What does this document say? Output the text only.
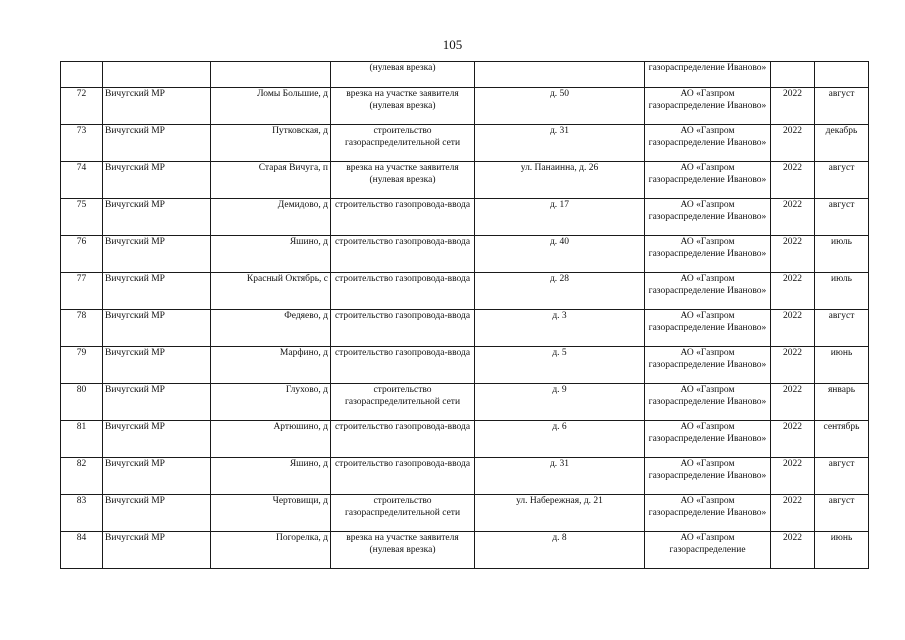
105
			(нулевая врезка)		газораспределение Иваново»		
72	Вичугский МР	Ломы Большие, д	врезка на участке заявителя (нулевая врезка)	д. 50	АО «Газпром газораспределение Иваново»	2022	август
73	Вичугский МР	Путковская, д	строительство газораспределительной сети	д. 31	АО «Газпром газораспределение Иваново»	2022	декабрь
74	Вичугский МР	Старая Вичуга, п	врезка на участке заявителя (нулевая врезка)	ул. Панаинна, д. 26	АО «Газпром газораспределение Иваново»	2022	август
75	Вичугский МР	Демидово, д	строительство газопровода-ввода	д. 17	АО «Газпром газораспределение Иваново»	2022	август
76	Вичугский МР	Яшино, д	строительство газопровода-ввода	д. 40	АО «Газпром газораспределение Иваново»	2022	июль
77	Вичугский МР	Красный Октябрь, с	строительство газопровода-ввода	д. 28	АО «Газпром газораспределение Иваново»	2022	июль
78	Вичугский МР	Федяево, д	строительство газопровода-ввода	д. 3	АО «Газпром газораспределение Иваново»	2022	август
79	Вичугский МР	Марфино, д	строительство газопровода-ввода	д. 5	АО «Газпром газораспределение Иваново»	2022	июнь
80	Вичугский МР	Глухово, д	строительство газораспределительной сети	д. 9	АО «Газпром газораспределение Иваново»	2022	январь
81	Вичугский МР	Артюшино, д	строительство газопровода-ввода	д. 6	АО «Газпром газораспределение Иваново»	2022	сентябрь
82	Вичугский МР	Яшино, д	строительство газопровода-ввода	д. 31	АО «Газпром газораспределение Иваново»	2022	август
83	Вичугский МР	Чертовищи, д	строительство газораспределительной сети	ул. Набережная, д. 21	АО «Газпром газораспределение Иваново»	2022	август
84	Вичугский МР	Погорелка, д	врезка на участке заявителя (нулевая врезка)	д. 8	АО «Газпром газораспределение	2022	июнь
